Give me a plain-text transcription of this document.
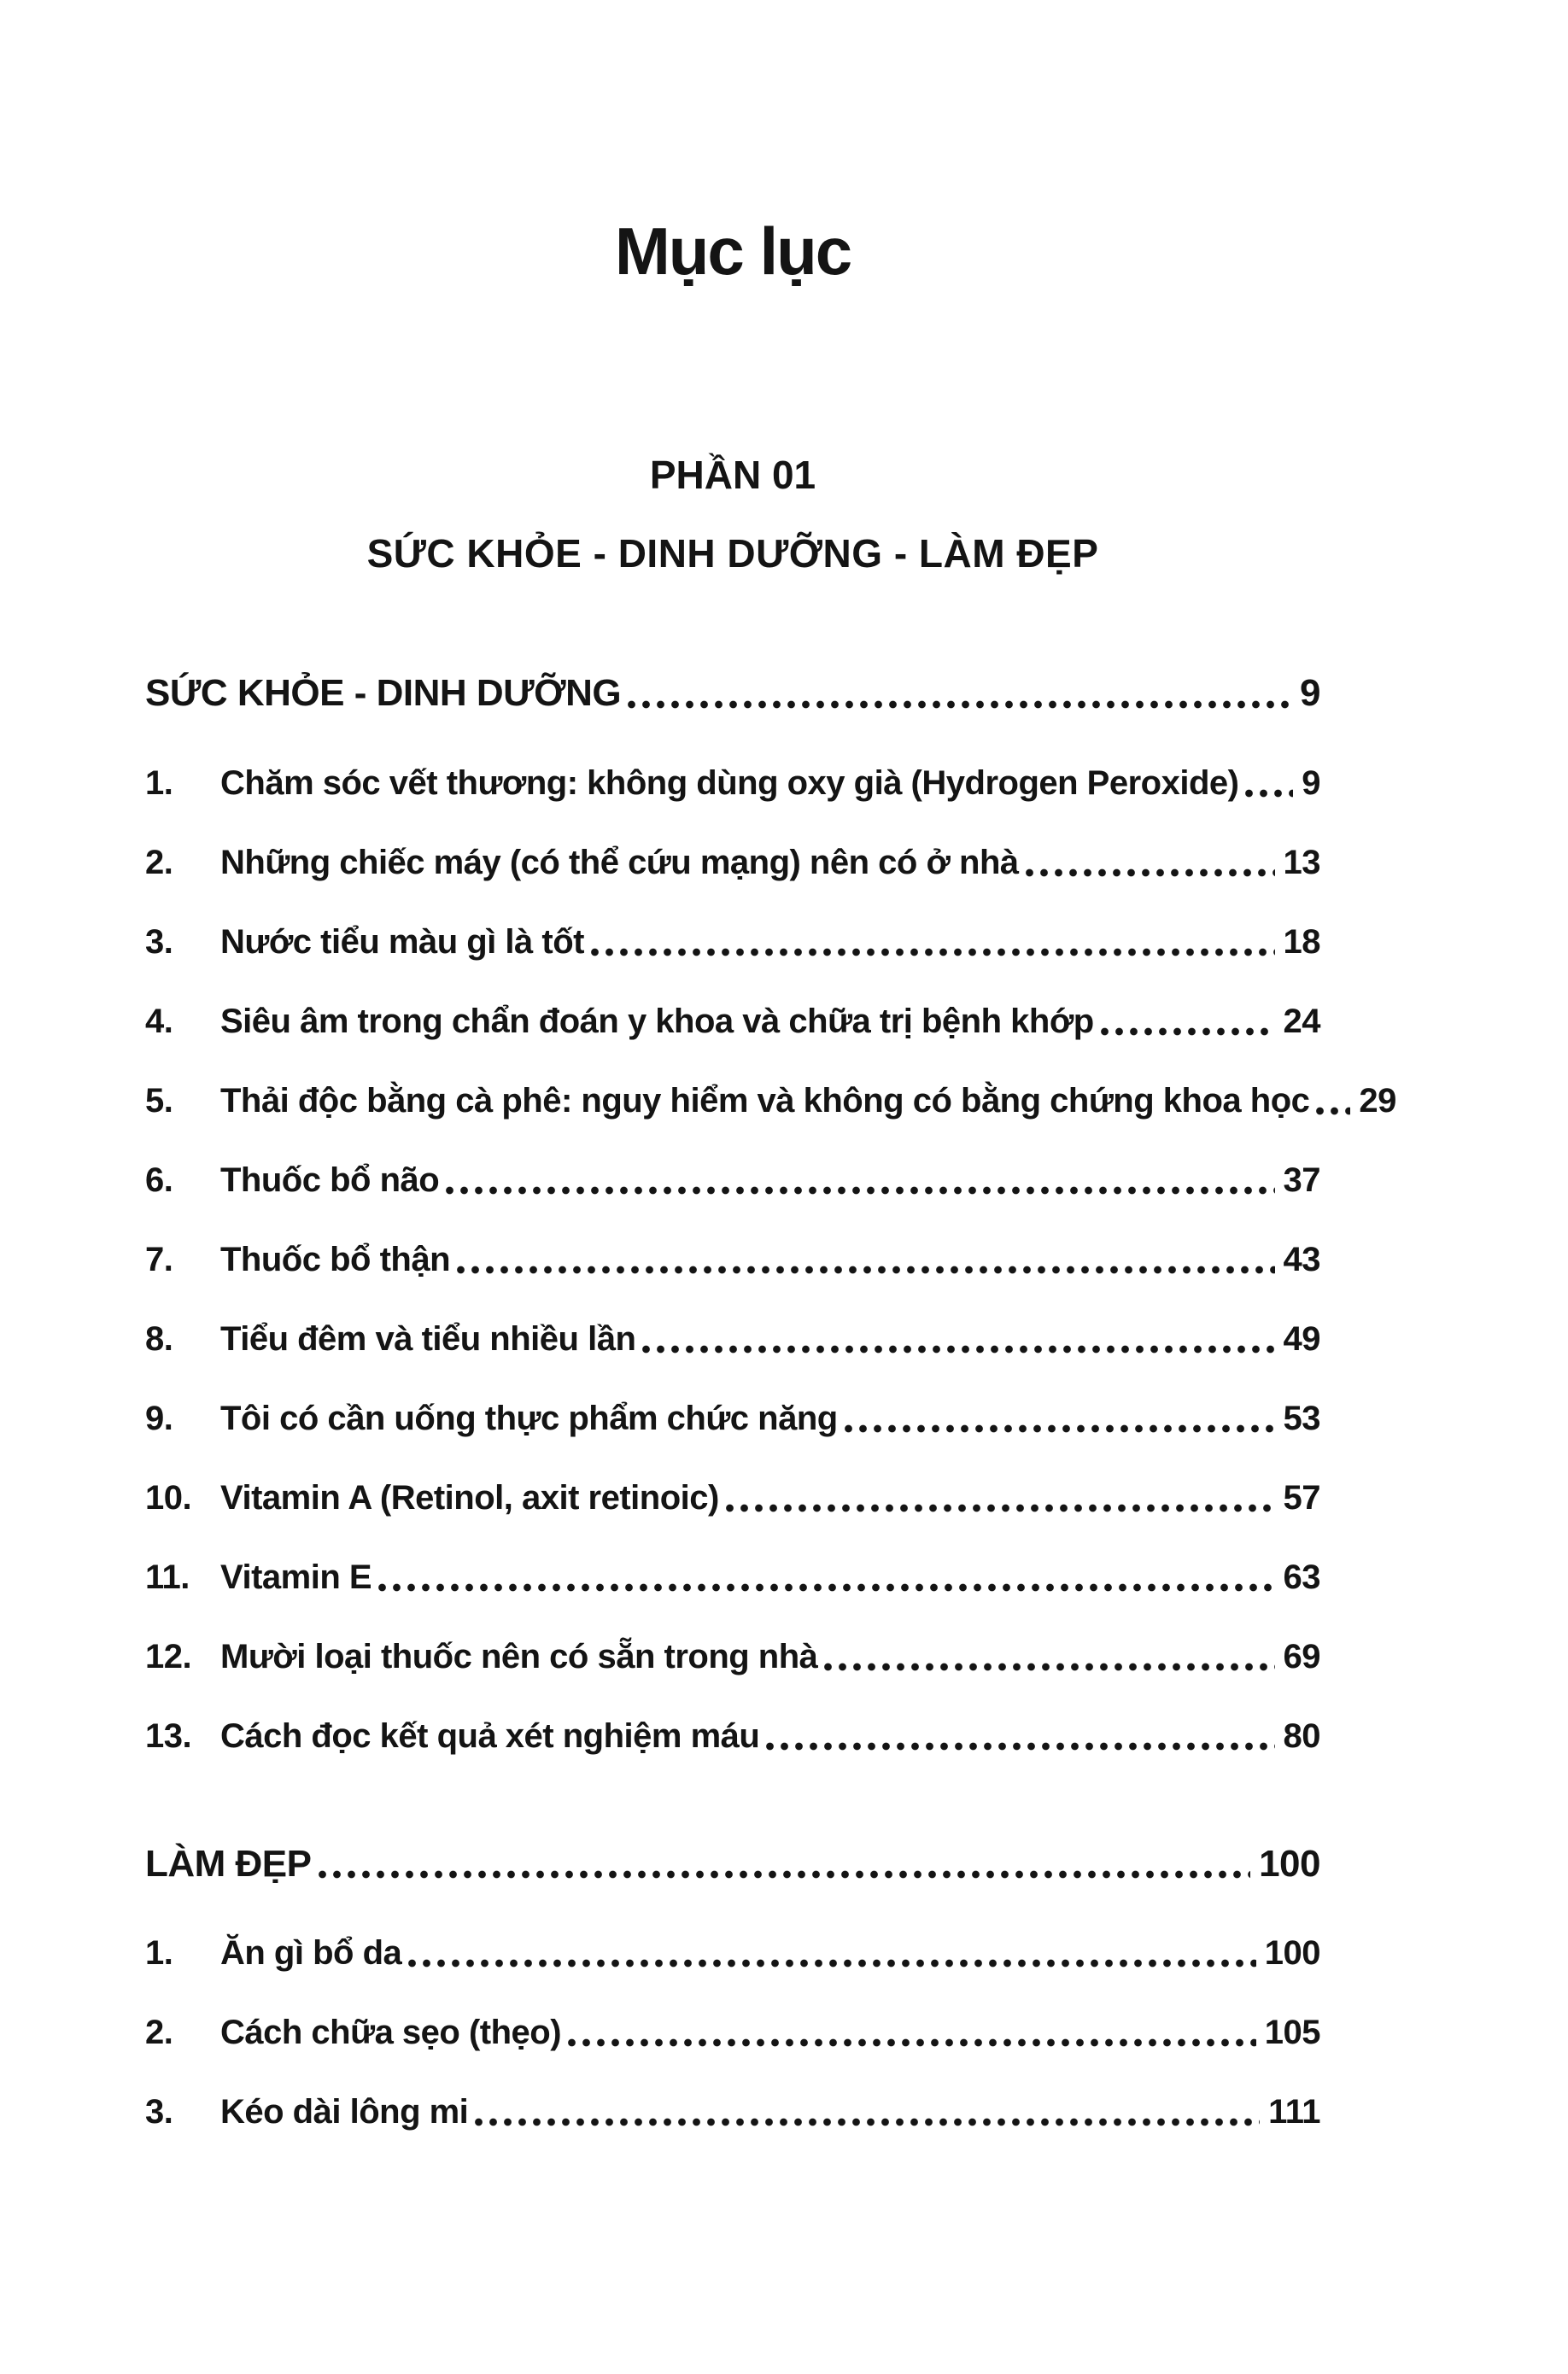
Mục lục
PHẦN 01
SỨC KHỎE - DINH DƯỠNG - LÀM ĐẸP
SỨC KHỎE - DINH DƯỠNG	9
1.	Chăm sóc vết thương: không dùng oxy già (Hydrogen Peroxide) 9
2.	Những chiếc máy (có thể cứu mạng) nên có ở nhà	13
3.	Nước tiểu màu gì là tốt	18
4.	Siêu âm trong chẩn đoán y khoa và chữa trị bệnh khớp	24
5.	Thải độc bằng cà phê: nguy hiểm và không có bằng chứng khoa học 29
6.	Thuốc bổ não	37
7.	Thuốc bổ thận	43
8.	Tiểu đêm và tiểu nhiều lần	49
9.	Tôi có cần uống thực phẩm chức năng	53
10. Vitamin A (Retinol, axit retinoic)	57
11. Vitamin E	63
12. Mười loại thuốc nên có sẵn trong nhà	69
13. Cách đọc kết quả xét nghiệm máu	80
LÀM ĐẸP	100
1.	Ăn gì bổ da	100
2.	Cách chữa sẹo (thẹo)	105
3.	Kéo dài lông mi	111
